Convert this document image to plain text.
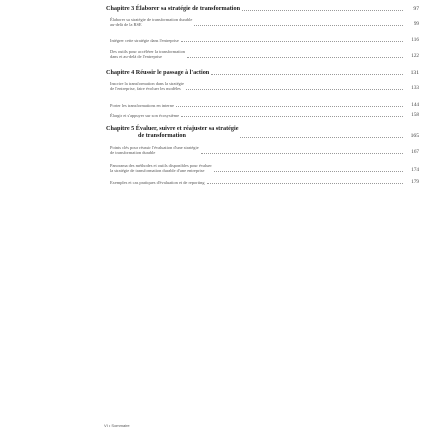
Chapitre 3 Élaborer sa stratégie de transformation	97
Élaborer sa stratégie de transformation durable
au-delà de la RSE	99
Intégrer cette stratégie dans l'entreprise	116
Des outils pour accélérer la transformation
dans et au-delà de l'entreprise	122
Chapitre 4 Réussir le passage à l'action	131
Inscrire la transformation dans la stratégie
de l'entreprise, faire évoluer les modèles	133
Porter les transformations en interne	144
Élargir et s'appuyer sur son écosystème	158
Chapitre 5 Évaluer, suivre et réajuster sa stratégie
de transformation	165
Points clés pour réussir l'évaluation d'une stratégie
de transformation durable	167
Panorama des méthodes et outils disponibles pour évaluer
la stratégie de transformation durable d'une entreprise	174
Exemples et cas pratiques d'évaluation et de reporting	179
VI • Sommaire
